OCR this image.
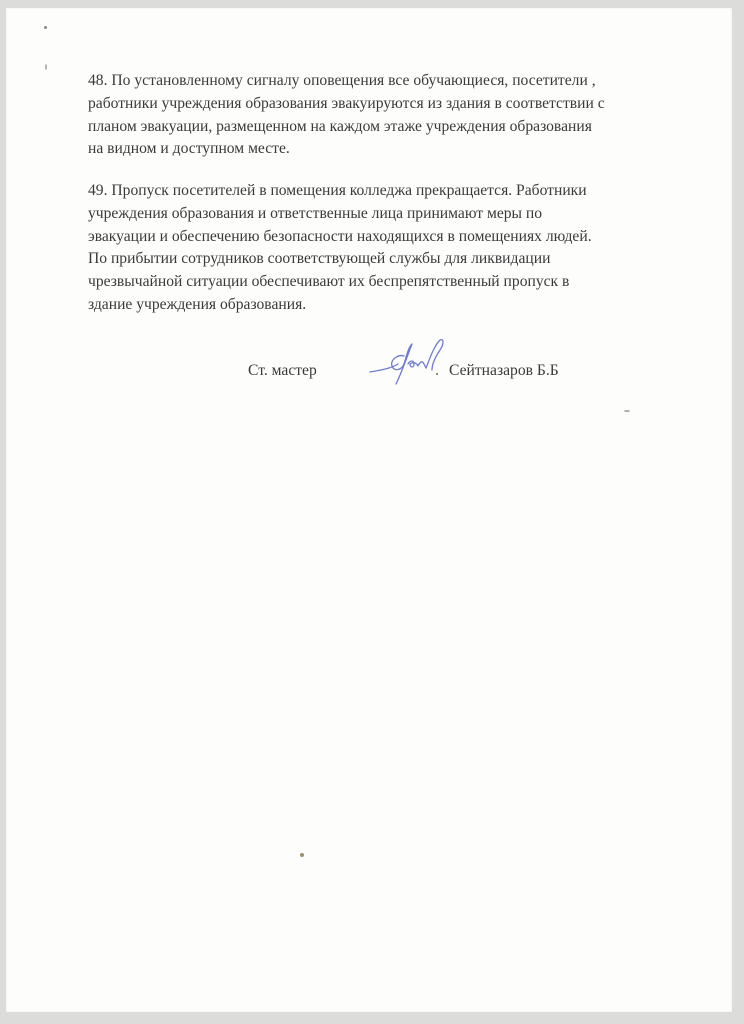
48. По установленному сигналу оповещения все обучающиеся, посетители ,
работники учреждения образования эвакуируются из здания в соответствии с
планом эвакуации, размещенном на каждом этаже учреждения образования
на видном и доступном месте.
49. Пропуск посетителей в помещения колледжа прекращается. Работники
учреждения образования и ответственные лица принимают меры по
эвакуации и обеспечению безопасности находящихся в помещениях людей.
По прибытии сотрудников соответствующей службы для ликвидации
чрезвычайной ситуации обеспечивают их беспрепятственный пропуск в
здание учреждения образования.
Ст. мастер	Сейтназаров Б.Б
